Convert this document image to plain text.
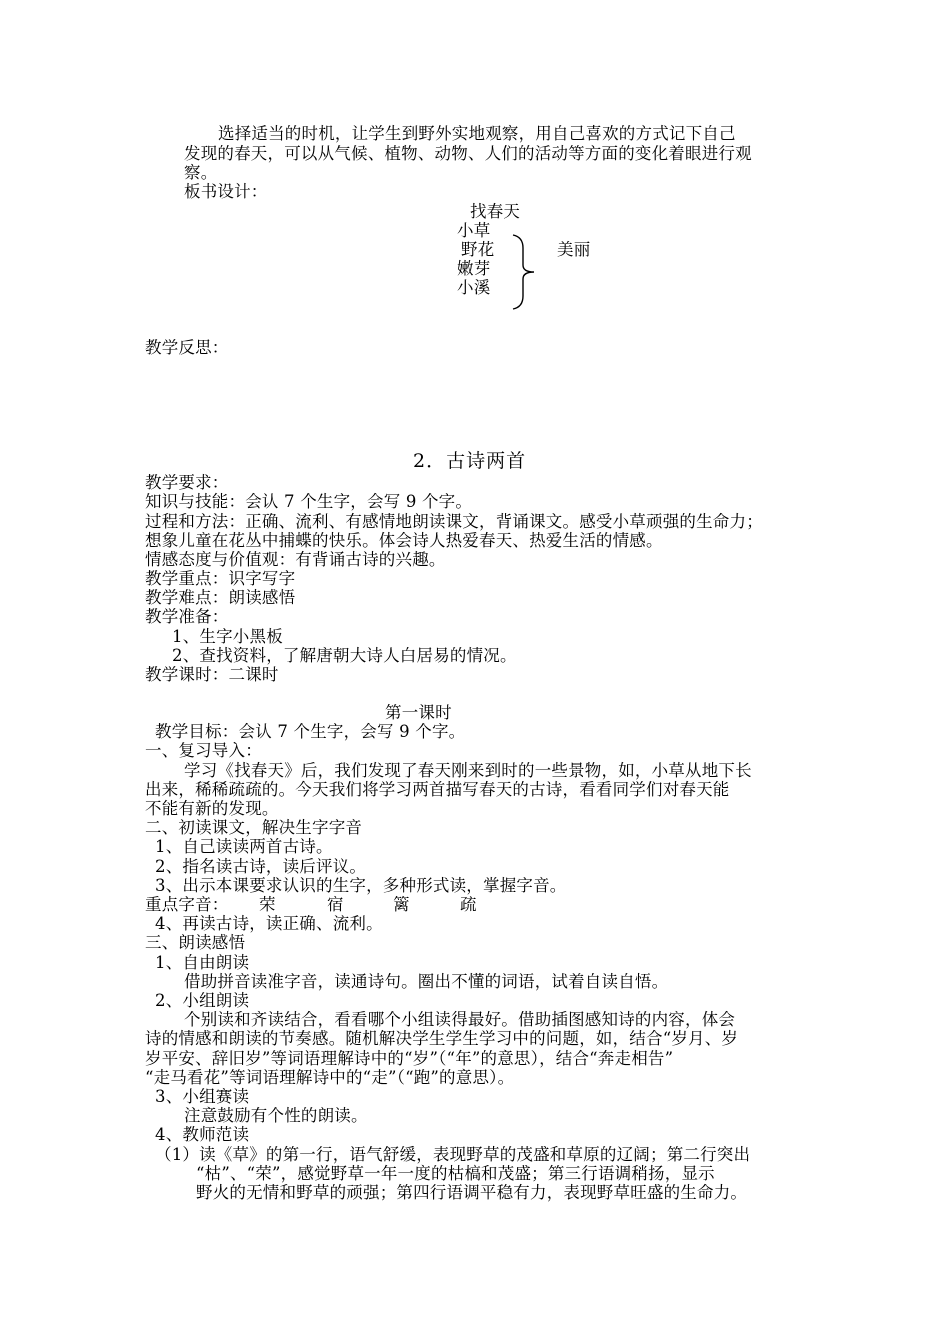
选择适当的时机，让学生到野外实地观察，用自己喜欢的方式记下自己
发现的春天，可以从气候、植物、动物、人们的活动等方面的变化着眼进行观
察。
板书设计：
找春天
小草
野花
嫩芽
小溪
美丽
教学反思：
2．古诗两首
教学要求：
知识与技能：会认 7 个生字，会写 9 个字。
过程和方法：正确、流利、有感情地朗读课文，背诵课文。感受小草顽强的生命力；
想象儿童在花丛中捕蝶的快乐。体会诗人热爱春天、热爱生活的情感。
情感态度与价值观：有背诵古诗的兴趣。
教学重点：识字写字
教学难点：朗读感悟
教学准备：
1、生字小黑板
2、查找资料，了解唐朝大诗人白居易的情况。
教学课时：二课时
第一课时
教学目标：会认 7 个生字，会写 9 个字。
一、复习导入：
学习《找春天》后，我们发现了春天刚来到时的一些景物，如，小草从地下长
出来，稀稀疏疏的。今天我们将学习两首描写春天的古诗，看看同学们对春天能
不能有新的发现。
二、初读课文，解决生字字音
1、自己读读两首古诗。
2、指名读古诗，读后评议。
3、出示本课要求认识的生字，多种形式读，掌握字音。
重点字音： 荣	宿	篱	疏
4、再读古诗，读正确、流利。
三、朗读感悟
1、自由朗读
借助拼音读准字音，读通诗句。圈出不懂的词语，试着自读自悟。
2、小组朗读
个别读和齐读结合，看看哪个小组读得最好。借助插图感知诗的内容，体会
诗的情感和朗读的节奏感。随机解决学生学生学习中的问题，如，结合“岁月、岁
岁平安、辞旧岁”等词语理解诗中的“岁”（“年”的意思），结合“奔走相告”
“走马看花”等词语理解诗中的“走”（“跑”的意思）。
3、小组赛读
注意鼓励有个性的朗读。
4、教师范读
（1）读《草》的第一行，语气舒缓，表现野草的茂盛和草原的辽阔；第二行突出
“枯”、“荣”，感觉野草一年一度的枯槁和茂盛；第三行语调稍扬，显示
野火的无情和野草的顽强；第四行语调平稳有力，表现野草旺盛的生命力。
